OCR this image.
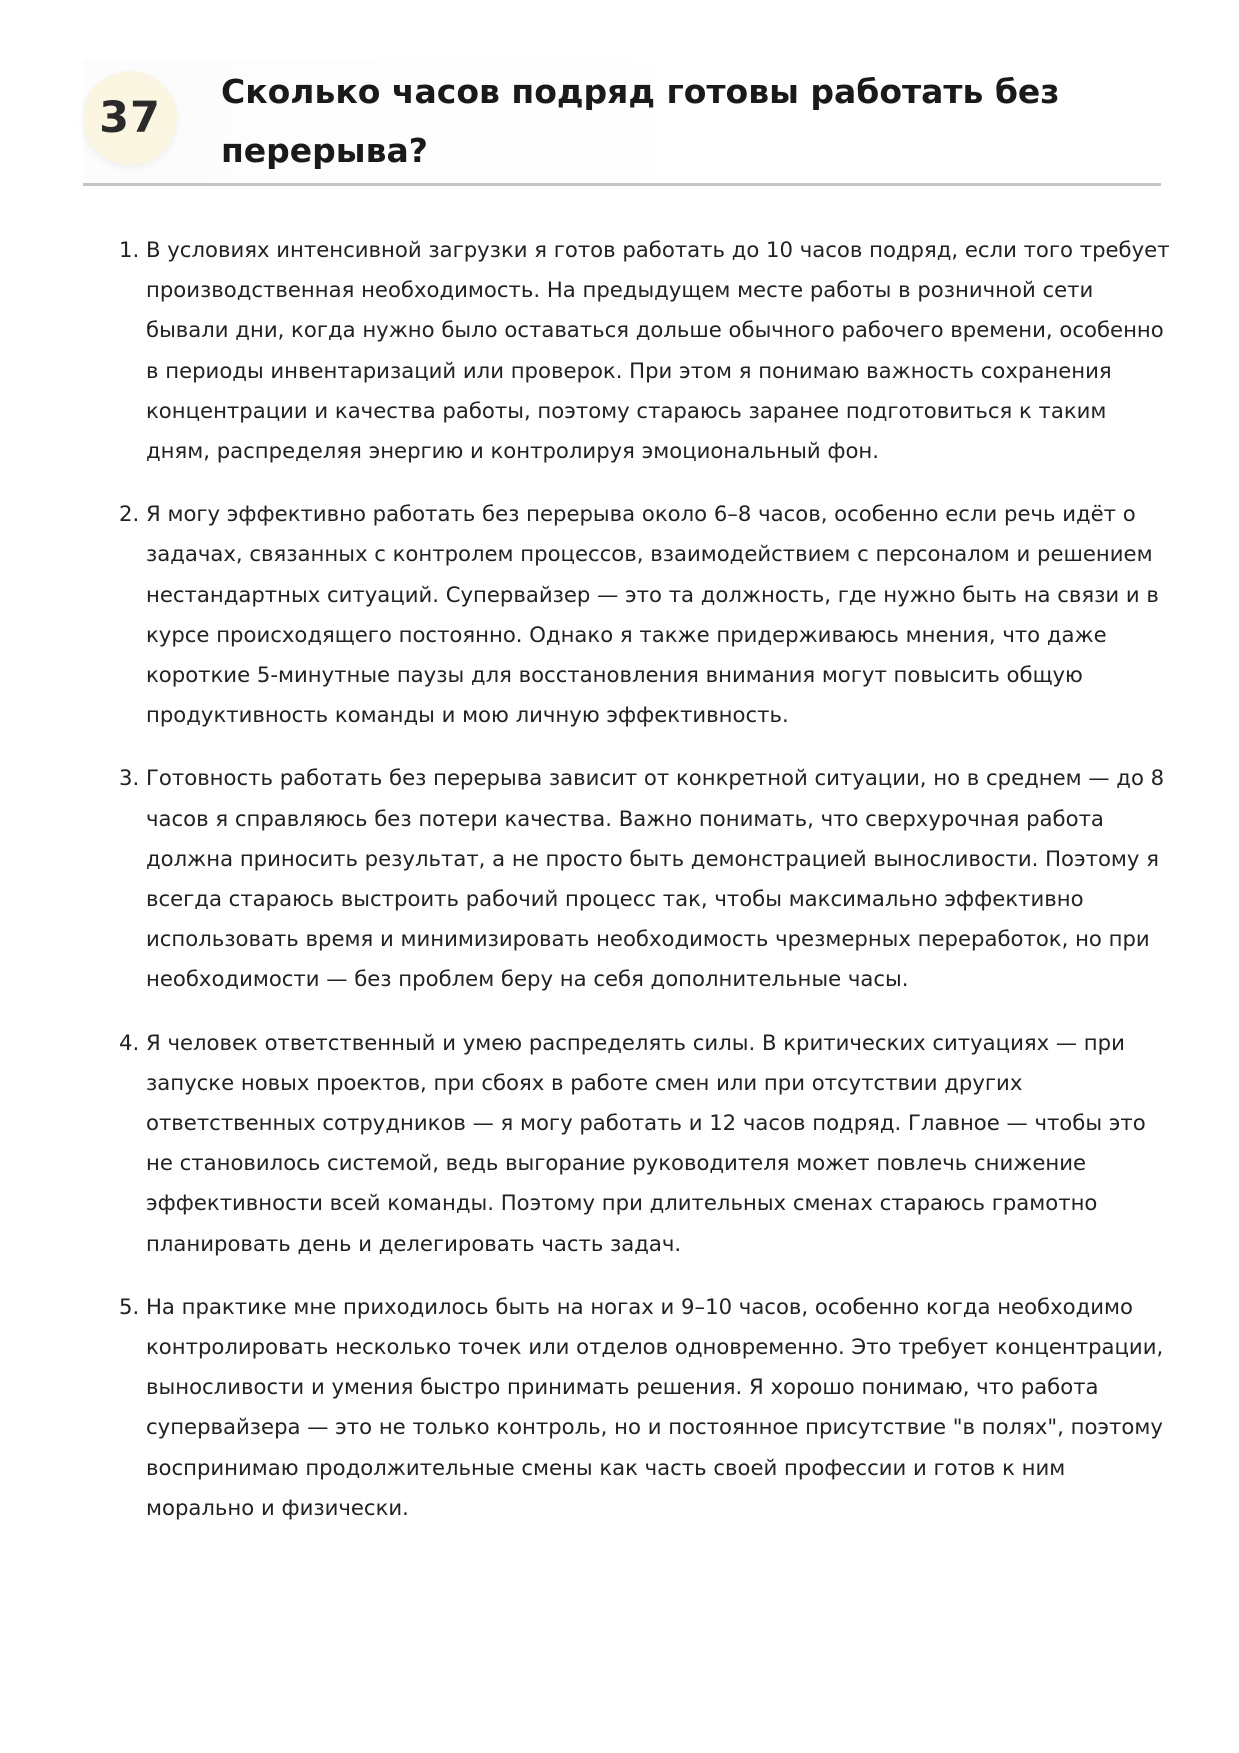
37
Сколько часов подряд готовы работать без перерыва?
1. В условиях интенсивной загрузки я готов работать до 10 часов подряд, если того требует производственная необходимость. На предыдущем месте работы в розничной сети бывали дни, когда нужно было оставаться дольше обычного рабочего времени, особенно в периоды инвентаризаций или проверок. При этом я понимаю важность сохранения концентрации и качества работы, поэтому стараюсь заранее подготовиться к таким дням, распределяя энергию и контролируя эмоциональный фон.
2. Я могу эффективно работать без перерыва около 6–8 часов, особенно если речь идёт о задачах, связанных с контролем процессов, взаимодействием с персоналом и решением нестандартных ситуаций. Супервайзер — это та должность, где нужно быть на связи и в курсе происходящего постоянно. Однако я также придерживаюсь мнения, что даже короткие 5-минутные паузы для восстановления внимания могут повысить общую продуктивность команды и мою личную эффективность.
3. Готовность работать без перерыва зависит от конкретной ситуации, но в среднем — до 8 часов я справляюсь без потери качества. Важно понимать, что сверхурочная работа должна приносить результат, а не просто быть демонстрацией выносливости. Поэтому я всегда стараюсь выстроить рабочий процесс так, чтобы максимально эффективно использовать время и минимизировать необходимость чрезмерных переработок, но при необходимости — без проблем беру на себя дополнительные часы.
4. Я человек ответственный и умею распределять силы. В критических ситуациях — при запуске новых проектов, при сбоях в работе смен или при отсутствии других ответственных сотрудников — я могу работать и 12 часов подряд. Главное — чтобы это не становилось системой, ведь выгорание руководителя может повлечь снижение эффективности всей команды. Поэтому при длительных сменах стараюсь грамотно планировать день и делегировать часть задач.
5. На практике мне приходилось быть на ногах и 9–10 часов, особенно когда необходимо контролировать несколько точек или отделов одновременно. Это требует концентрации, выносливости и умения быстро принимать решения. Я хорошо понимаю, что работа супервайзера — это не только контроль, но и постоянное присутствие "в полях", поэтому воспринимаю продолжительные смены как часть своей профессии и готов к ним морально и физически.
